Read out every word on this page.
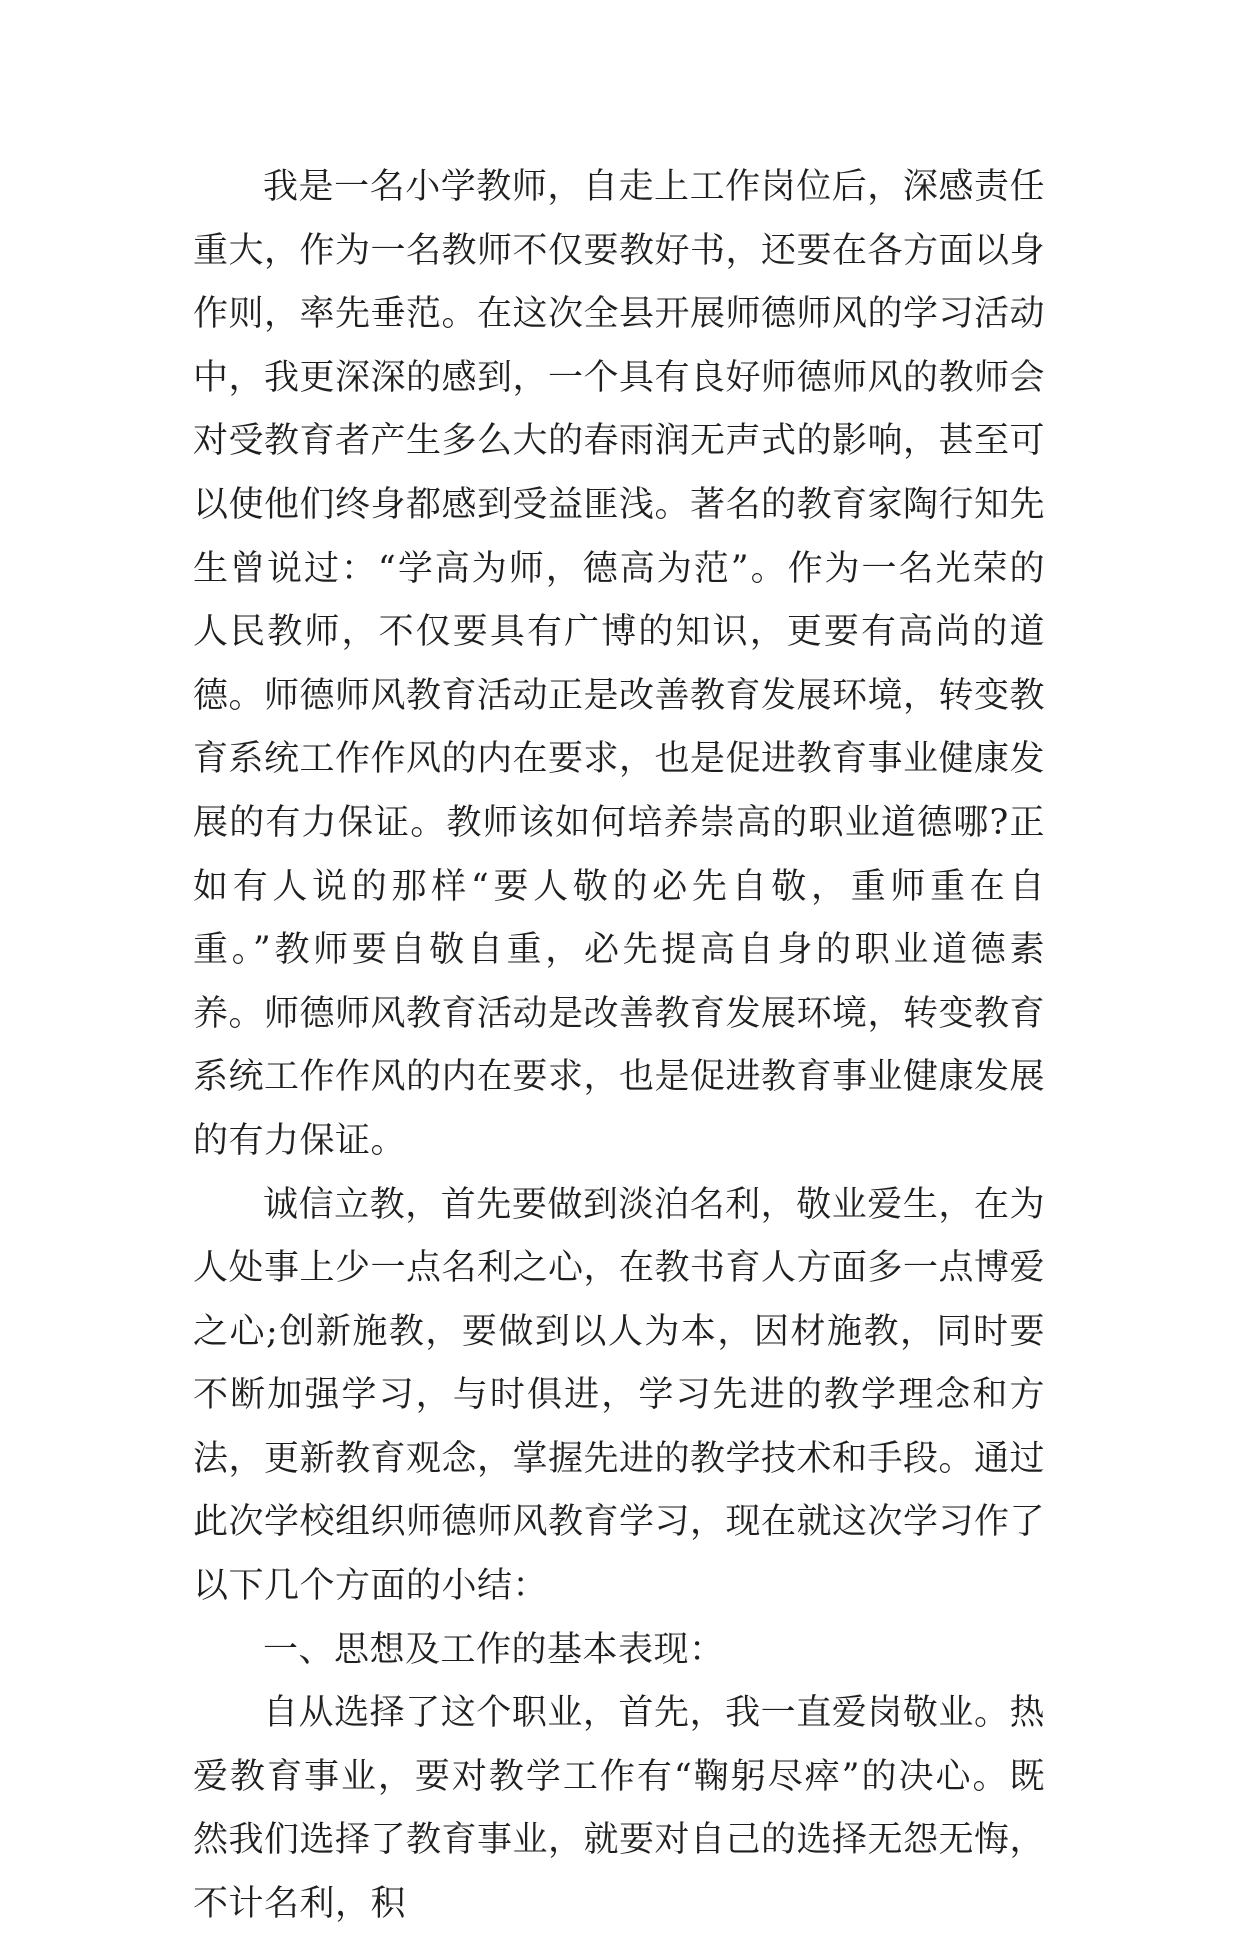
我是一名小学教师，自走上工作岗位后，深感责任重大，作为一名教师不仅要教好书，还要在各方面以身作则，率先垂范。在这次全县开展师德师风的学习活动中，我更深深的感到，一个具有良好师德师风的教师会对受教育者产生多么大的春雨润无声式的影响，甚至可以使他们终身都感到受益匪浅。著名的教育家陶行知先生曾说过：“学高为师，德高为范”。作为一名光荣的人民教师，不仅要具有广博的知识，更要有高尚的道德。师德师风教育活动正是改善教育发展环境，转变教育系统工作作风的内在要求，也是促进教育事业健康发展的有力保证。教师该如何培养崇高的职业道德哪?正如有人说的那样“要人敬的必先自敬，重师重在自重。”教师要自敬自重，必先提高自身的职业道德素养。师德师风教育活动是改善教育发展环境，转变教育系统工作作风的内在要求，也是促进教育事业健康发展的有力保证。

诚信立教，首先要做到淡泊名利，敬业爱生，在为人处事上少一点名利之心，在教书育人方面多一点博爱之心;创新施教，要做到以人为本，因材施教，同时要不断加强学习，与时俱进，学习先进的教学理念和方法，更新教育观念，掌握先进的教学技术和手段。通过此次学校组织师德师风教育学习，现在就这次学习作了以下几个方面的小结：

一、思想及工作的基本表现：

自从选择了这个职业，首先，我一直爱岗敬业。热爱教育事业，要对教学工作有“鞠躬尽瘁”的决心。既然我们选择了教育事业，就要对自己的选择无怨无悔，不计名利，积
